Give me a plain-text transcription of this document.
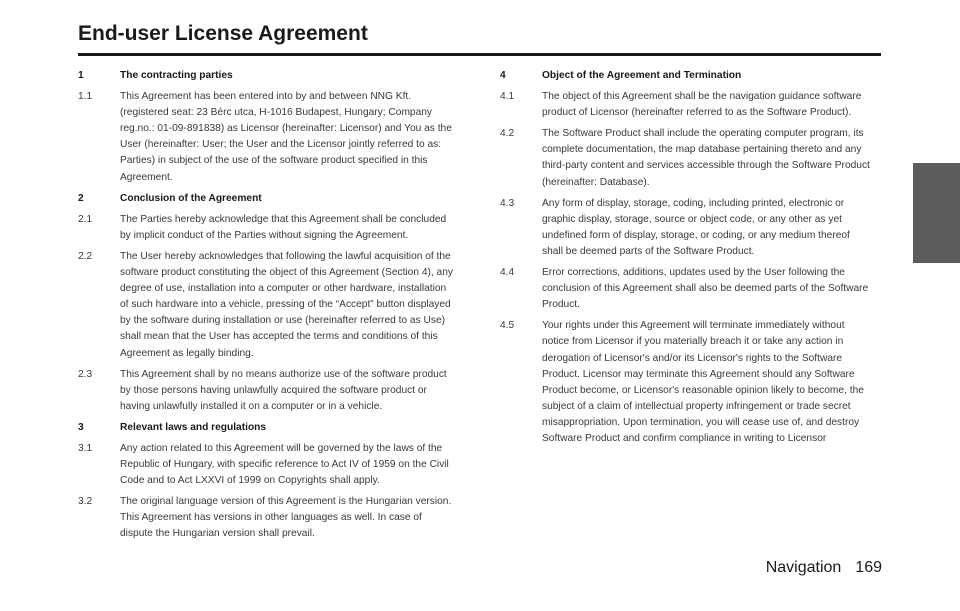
End-user License Agreement
1	The contracting parties
1.1	This Agreement has been entered into by and between NNG Kft. (registered seat: 23 Bérc utca, H-1016 Budapest, Hungary; Company reg.no.: 01-09-891838) as Licensor (hereinafter: Licensor) and You as the User (hereinafter: User; the User and the Licensor jointly referred to as: Parties) in subject of the use of the software product specified in this Agreement.
2	Conclusion of the Agreement
2.1	The Parties hereby acknowledge that this Agreement shall be concluded by implicit conduct of the Parties without signing the Agreement.
2.2	The User hereby acknowledges that following the lawful acquisition of the software product constituting the object of this Agreement (Section 4), any degree of use, installation into a computer or other hardware, installation of such hardware into a vehicle, pressing of the “Accept” button displayed by the software during installation or use (hereinafter referred to as Use) shall mean that the User has accepted the terms and conditions of this Agreement as legally binding.
2.3	This Agreement shall by no means authorize use of the software product by those persons having unlawfully acquired the software product or having unlawfully installed it on a computer or in a vehicle.
3	Relevant laws and regulations
3.1	Any action related to this Agreement will be governed by the laws of the Republic of Hungary, with specific reference to Act IV of 1959 on the Civil Code and to Act LXXVI of 1999 on Copyrights shall apply.
3.2	The original language version of this Agreement is the Hungarian version. This Agreement has versions in other languages as well. In case of dispute the Hungarian version shall prevail.
4	Object of the Agreement and Termination
4.1	The object of this Agreement shall be the navigation guidance software product of Licensor (hereinafter referred to as the Software Product).
4.2	The Software Product shall include the operating computer program, its complete documentation, the map database pertaining thereto and any third-party content and services accessible through the Software Product (hereinafter: Database).
4.3	Any form of display, storage, coding, including printed, electronic or graphic display, storage, source or object code, or any other as yet undefined form of display, storage, or coding, or any medium thereof shall be deemed parts of the Software Product.
4.4	Error corrections, additions, updates used by the User following the conclusion of this Agreement shall also be deemed parts of the Software Product.
4.5	Your rights under this Agreement will terminate immediately without notice from Licensor if you materially breach it or take any action in derogation of Licensor's and/or its Licensor's rights to the Software Product. Licensor may terminate this Agreement should any Software Product become, or Licensor's reasonable opinion likely to become, the subject of a claim of intellectual property infringement or trade secret misappropriation. Upon termination, you will cease use of, and destroy Software Product and confirm compliance in writing to Licensor
Navigation 169
